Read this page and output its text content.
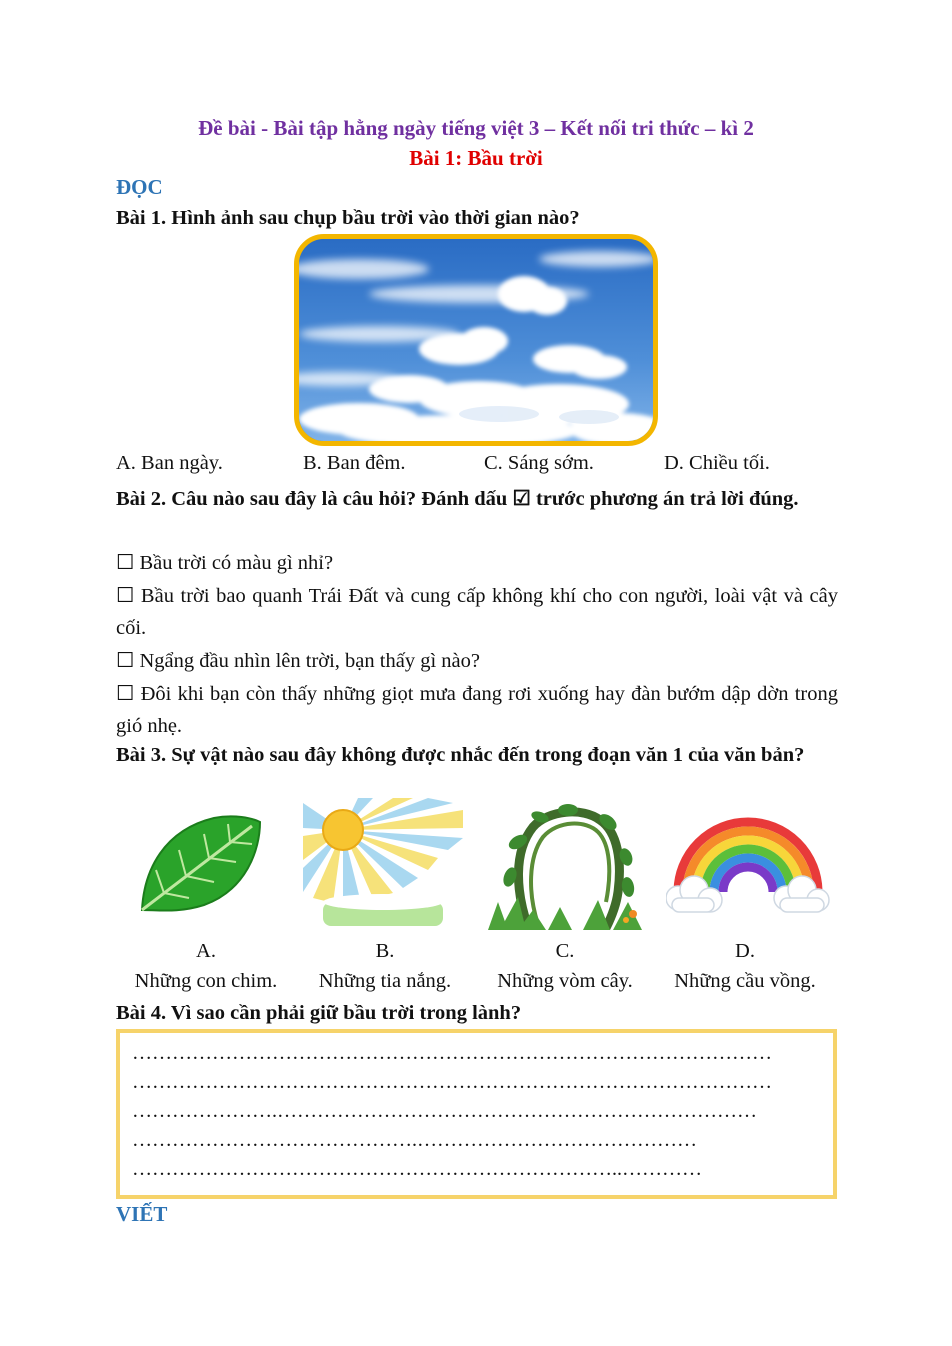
Đề bài - Bài tập hằng ngày tiếng việt 3 – Kết nối tri thức – kì 2
Bài 1: Bầu trời
ĐỌC
Bài 1. Hình ảnh sau chụp bầu trời vào thời gian nào?
A. Ban ngày.	B. Ban đêm.	C. Sáng sớm.	D. Chiều tối.
Bài 2. Câu nào sau đây là câu hỏi? Đánh dấu ☑ trước phương án trả lời đúng.
☐ Bầu trời có màu gì nhỉ?
☐ Bầu trời bao quanh Trái Đất và cung cấp không khí cho con người, loài vật và cây cối.
☐ Ngẩng đầu nhìn lên trời, bạn thấy gì nào?
☐ Đôi khi bạn còn thấy những giọt mưa đang rơi xuống hay đàn bướm dập dờn trong gió nhẹ.
Bài 3. Sự vật nào sau đây không được nhắc đến trong đoạn văn 1 của văn bản?
A.	B.	C.	D.
Những con chim.	Những tia nắng.	Những vòm cây.	Những cầu vồng.
Bài 4. Vì sao cần phải giữ bầu trời trong lành?
……………………………………………………………………………………
……………………………………………………………………………………
………………….………………………………………………………………
…………………………………….……………………………………
………………………………………………………………..…………
VIẾT
